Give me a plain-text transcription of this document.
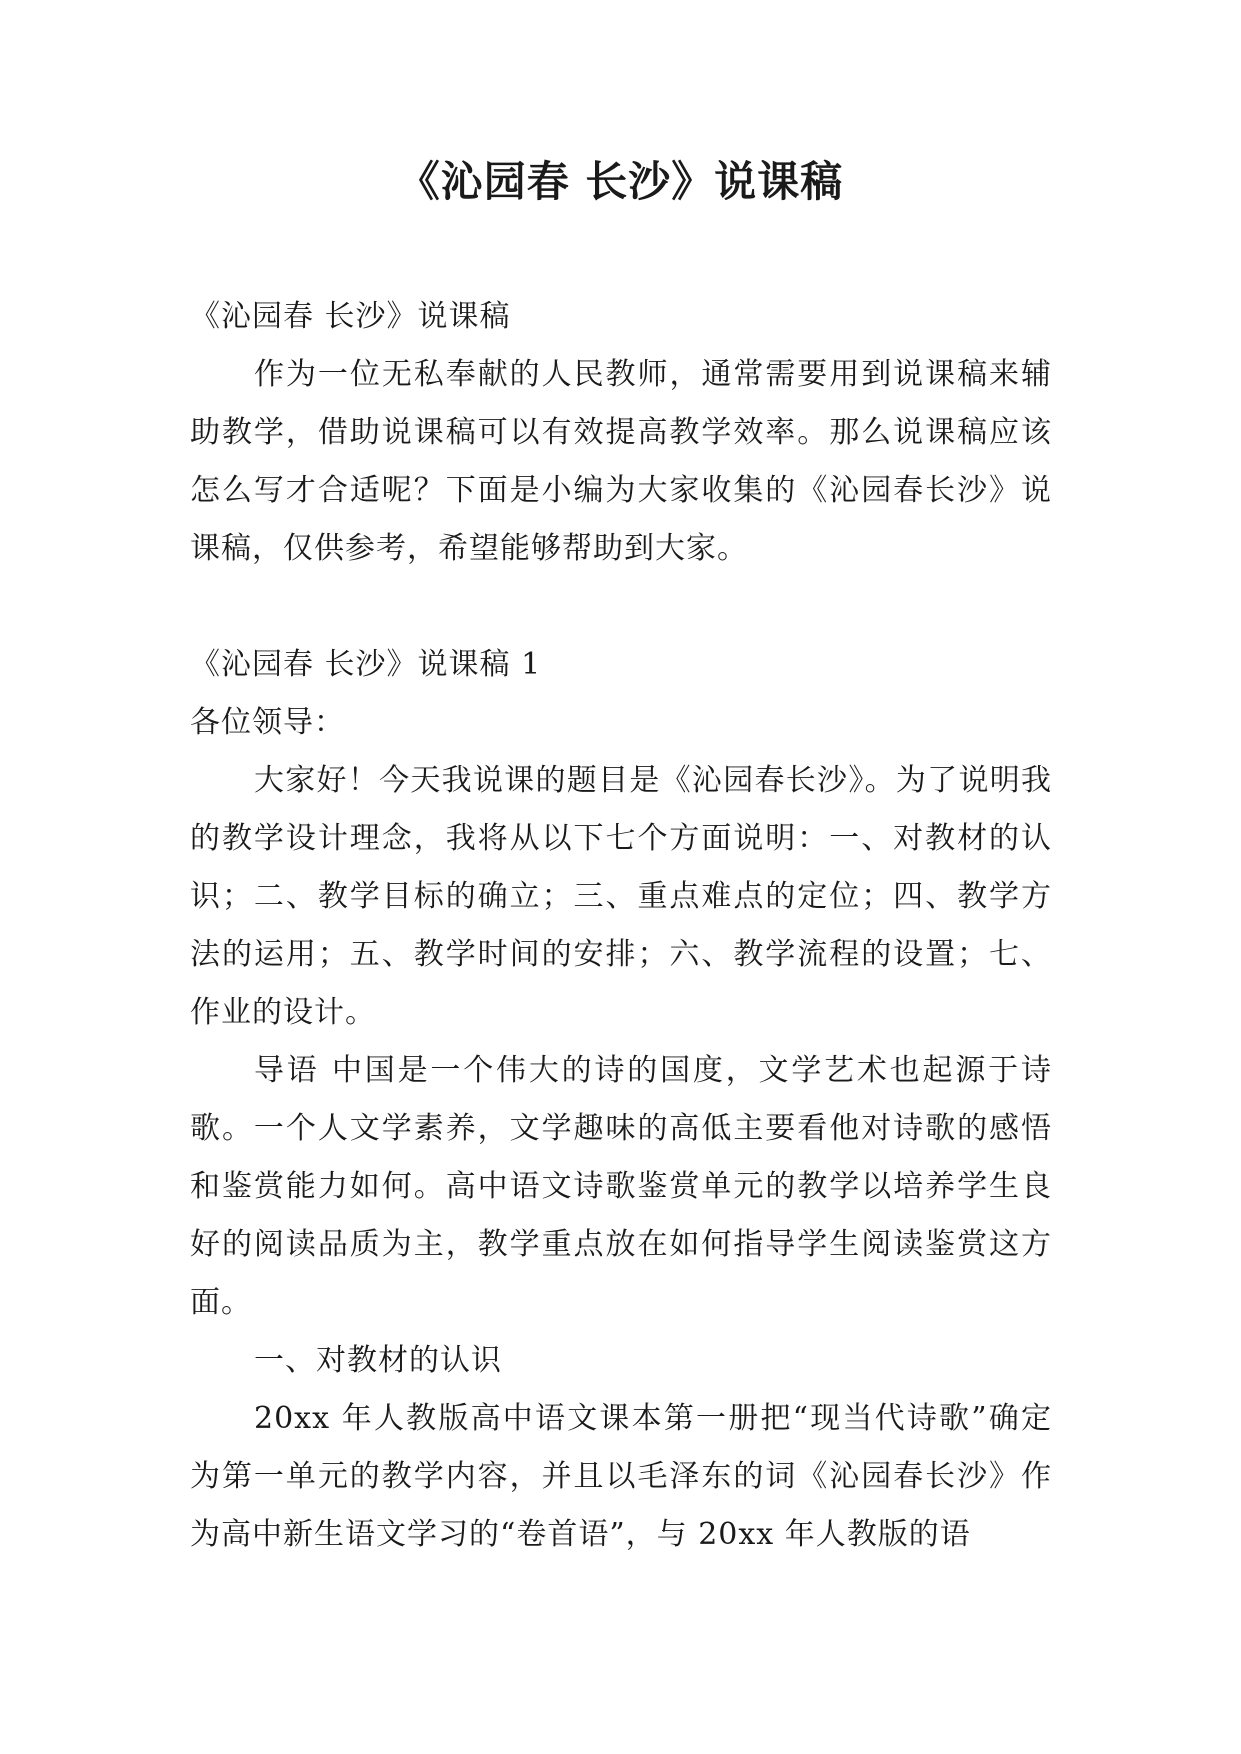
《沁园春 长沙》说课稿

《沁园春 长沙》说课稿

作为一位无私奉献的人民教师，通常需要用到说课稿来辅助教学，借助说课稿可以有效提高教学效率。那么说课稿应该怎么写才合适呢？下面是小编为大家收集的《沁园春长沙》说课稿，仅供参考，希望能够帮助到大家。

《沁园春 长沙》说课稿 1

各位领导：

大家好！今天我说课的题目是《沁园春长沙》。为了说明我的教学设计理念，我将从以下七个方面说明：一、对教材的认识；二、教学目标的确立；三、重点难点的定位；四、教学方法的运用；五、教学时间的安排；六、教学流程的设置；七、作业的设计。

导语 中国是一个伟大的诗的国度，文学艺术也起源于诗歌。一个人文学素养，文学趣味的高低主要看他对诗歌的感悟和鉴赏能力如何。高中语文诗歌鉴赏单元的教学以培养学生良好的阅读品质为主，教学重点放在如何指导学生阅读鉴赏这方面。

一、对教材的认识

20xx 年人教版高中语文课本第一册把“现当代诗歌”确定为第一单元的教学内容，并且以毛泽东的词《沁园春长沙》作为高中新生语文学习的“卷首语”，与 20xx 年人教版的语
